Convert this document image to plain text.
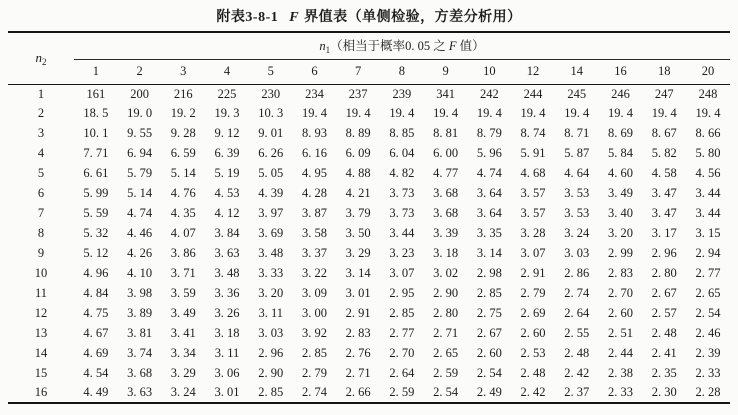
附表3-8-1 F 界值表（单侧检验，方差分析用）
$n_2$	$n_1$（相当于概率0. 05 之 F 值）														
	1	2	3	4	5	6	7	8	9	10	12	14	16	18	20
1	161	200	216	225	230	234	237	239	341	242	244	245	246	247	248
2	18. 5	19. 0	19. 2	19. 3	10. 3	19. 4	19. 4	19. 4	19. 4	19. 4	19. 4	19. 4	19. 4	19. 4	19. 4
3	10. 1	9. 55	9. 28	9. 12	9. 01	8. 93	8. 89	8. 85	8. 81	8. 79	8. 74	8. 71	8. 69	8. 67	8. 66
4	7. 71	6. 94	6. 59	6. 39	6. 26	6. 16	6. 09	6. 04	6. 00	5. 96	5. 91	5. 87	5. 84	5. 82	5. 80
5	6. 61	5. 79	5. 14	5. 19	5. 05	4. 95	4. 88	4. 82	4. 77	4. 74	4. 68	4. 64	4. 60	4. 58	4. 56
6	5. 99	5. 14	4. 76	4. 53	4. 39	4. 28	4. 21	3. 73	3. 68	3. 64	3. 57	3. 53	3. 49	3. 47	3. 44
7	5. 59	4. 74	4. 35	4. 12	3. 97	3. 87	3. 79	3. 73	3. 68	3. 64	3. 57	3. 53	3. 40	3. 47	3. 44
8	5. 32	4. 46	4. 07	3. 84	3. 69	3. 58	3. 50	3. 44	3. 39	3. 35	3. 28	3. 24	3. 20	3. 17	3. 15
9	5. 12	4. 26	3. 86	3. 63	3. 48	3. 37	3. 29	3. 23	3. 18	3. 14	3. 07	3. 03	2. 99	2. 96	2. 94
10	4. 96	4. 10	3. 71	3. 48	3. 33	3. 22	3. 14	3. 07	3. 02	2. 98	2. 91	2. 86	2. 83	2. 80	2. 77
11	4. 84	3. 98	3. 59	3. 36	3. 20	3. 09	3. 01	2. 95	2. 90	2. 85	2. 79	2. 74	2. 70	2. 67	2. 65
12	4. 75	3. 89	3. 49	3. 26	3. 11	3. 00	2. 91	2. 85	2. 80	2. 75	2. 69	2. 64	2. 60	2. 57	2. 54
13	4. 67	3. 81	3. 41	3. 18	3. 03	3. 92	2. 83	2. 77	2. 71	2. 67	2. 60	2. 55	2. 51	2. 48	2. 46
14	4. 69	3. 74	3. 34	3. 11	2. 96	2. 85	2. 76	2. 70	2. 65	2. 60	2. 53	2. 48	2. 44	2. 41	2. 39
15	4. 54	3. 68	3. 29	3. 06	2. 90	2. 79	2. 71	2. 64	2. 59	2. 54	2. 48	2. 42	2. 38	2. 35	2. 33
16	4. 49	3. 63	3. 24	3. 01	2. 85	2. 74	2. 66	2. 59	2. 54	2. 49	2. 42	2. 37	2. 33	2. 30	2. 28
